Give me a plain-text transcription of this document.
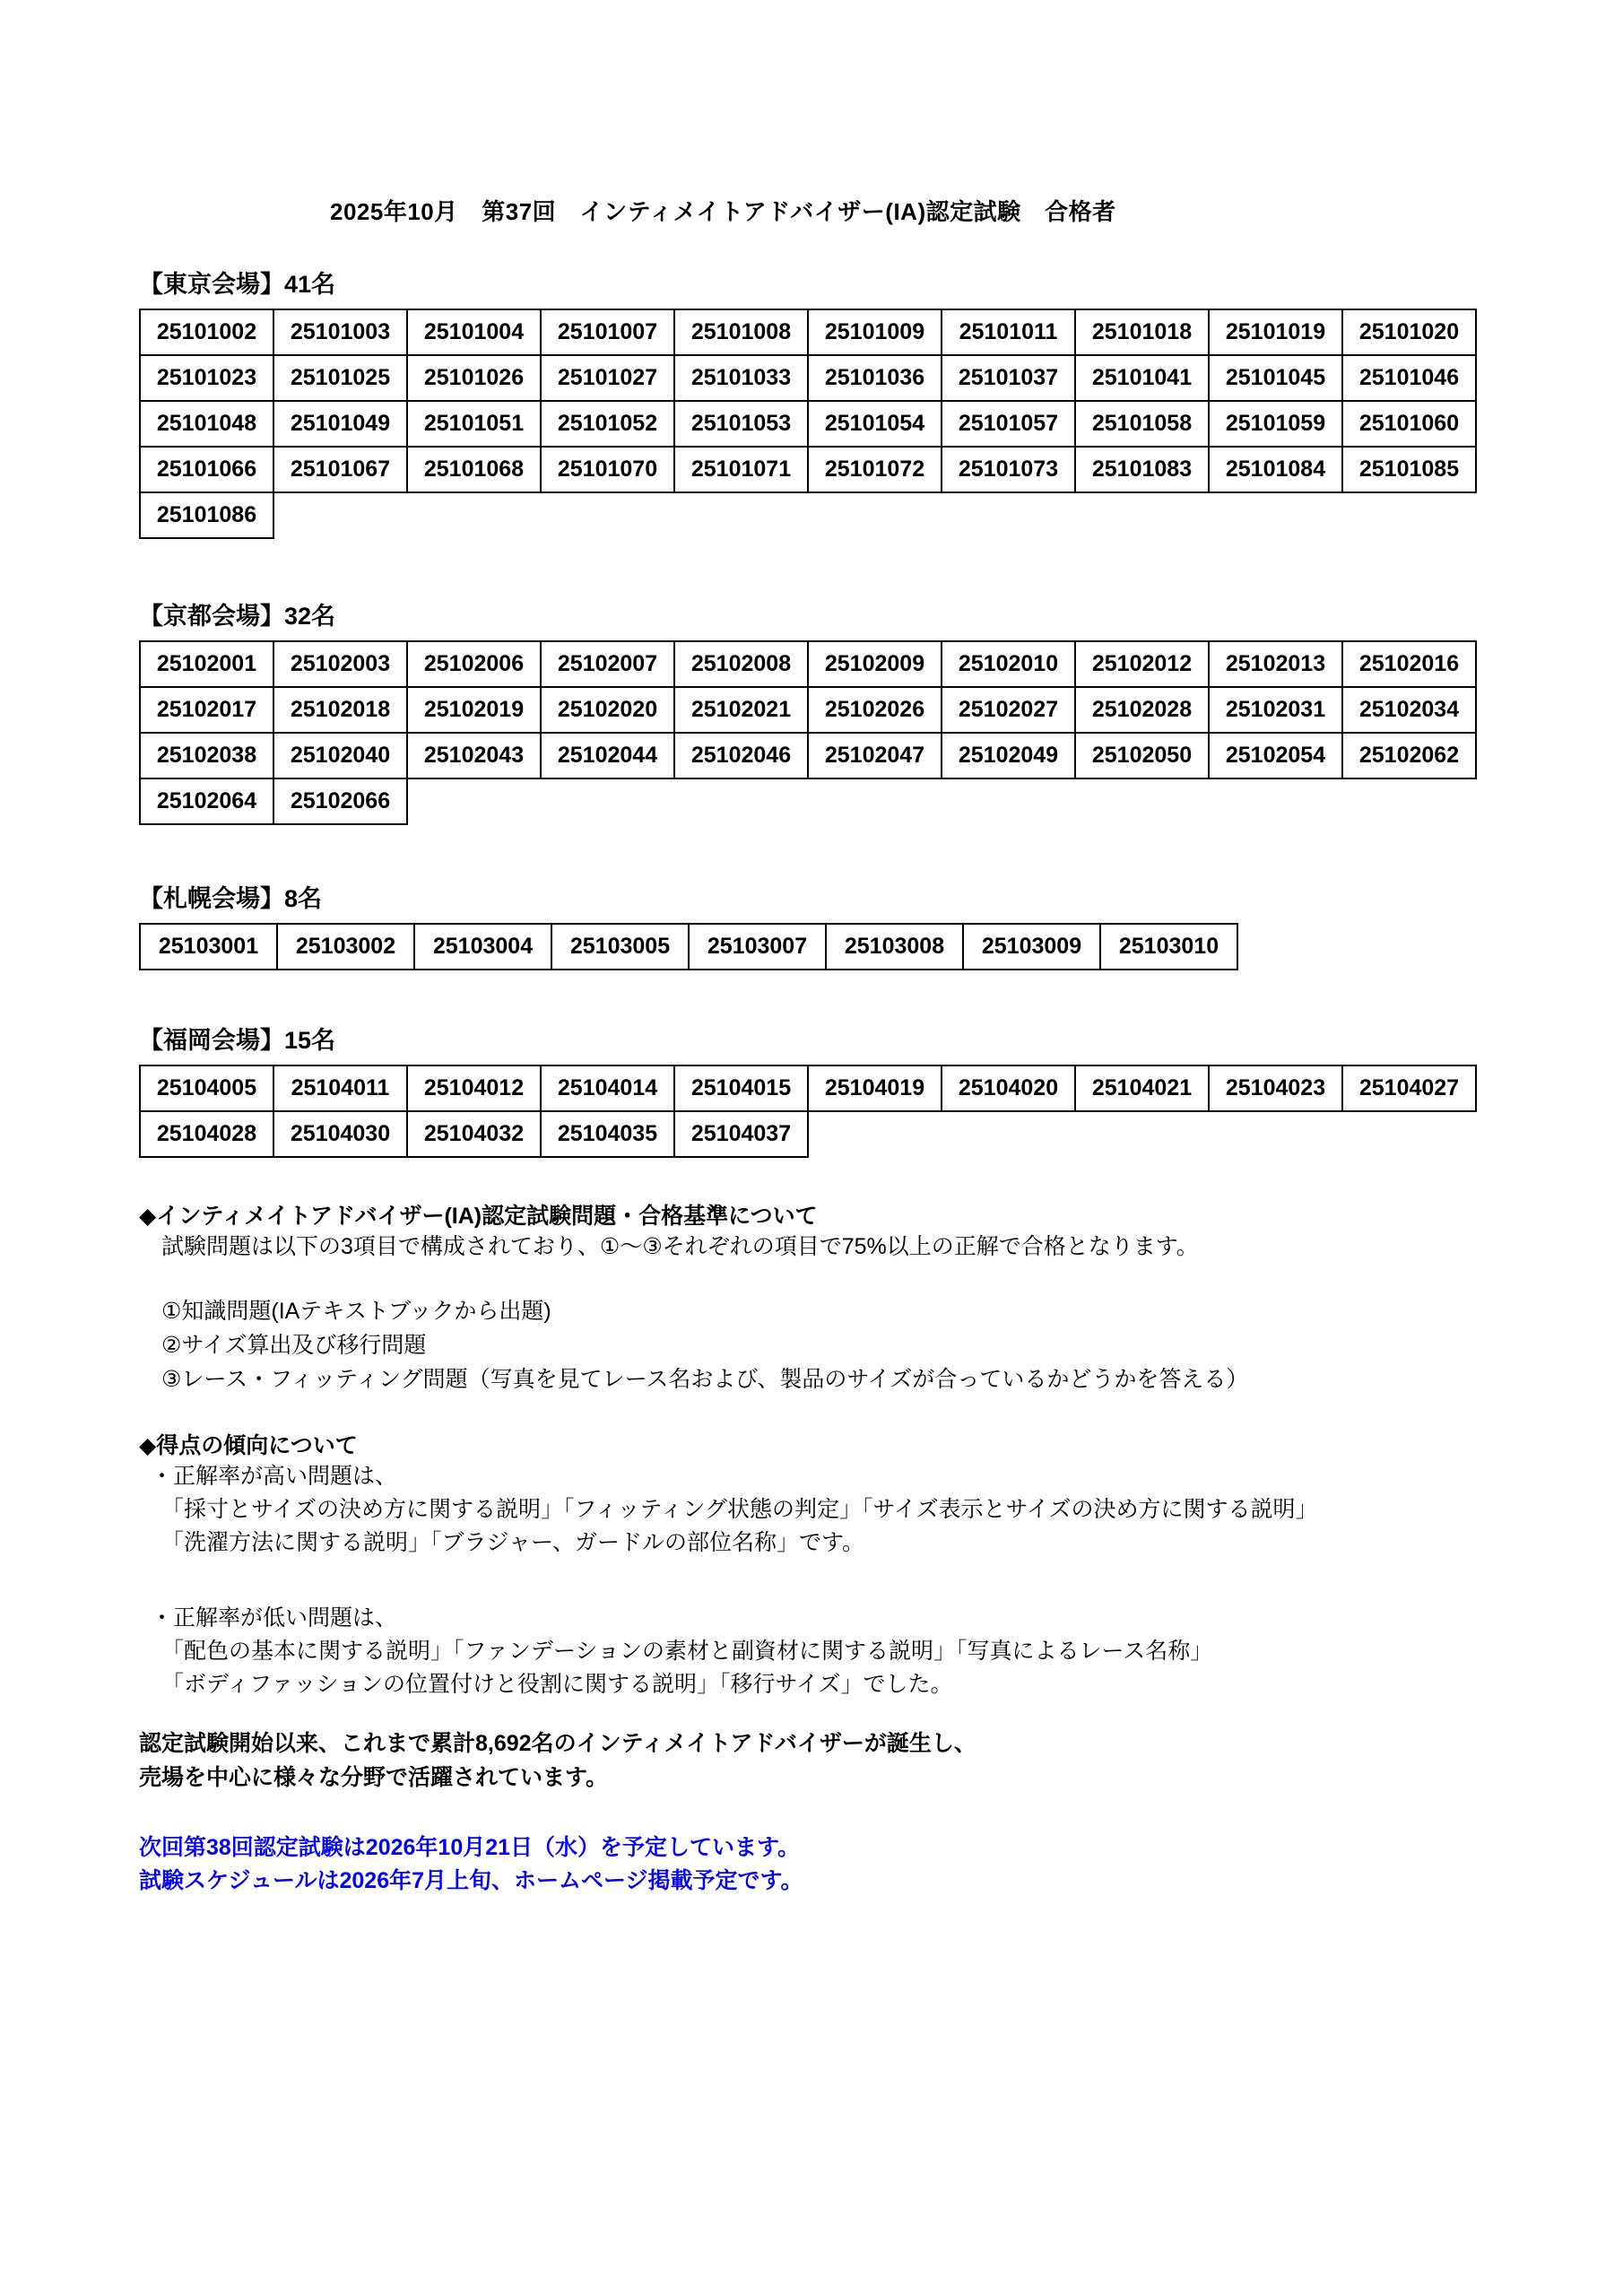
2025年10月　第37回　インティメイトアドバイザー(IA)認定試験　合格者
【東京会場】41名
25101002	25101003	25101004	25101007	25101008	25101009	25101011	25101018	25101019	25101020
25101023	25101025	25101026	25101027	25101033	25101036	25101037	25101041	25101045	25101046
25101048	25101049	25101051	25101052	25101053	25101054	25101057	25101058	25101059	25101060
25101066	25101067	25101068	25101070	25101071	25101072	25101073	25101083	25101084	25101085
25101086
【京都会場】32名
25102001	25102003	25102006	25102007	25102008	25102009	25102010	25102012	25102013	25102016
25102017	25102018	25102019	25102020	25102021	25102026	25102027	25102028	25102031	25102034
25102038	25102040	25102043	25102044	25102046	25102047	25102049	25102050	25102054	25102062
25102064	25102066
【札幌会場】8名
25103001	25103002	25103004	25103005	25103007	25103008	25103009	25103010
【福岡会場】15名
25104005	25104011	25104012	25104014	25104015	25104019	25104020	25104021	25104023	25104027
25104028	25104030	25104032	25104035	25104037
◆インティメイトアドバイザー(IA)認定試験問題・合格基準について
試験問題は以下の3項目で構成されており、①～③それぞれの項目で75%以上の正解で合格となります。
①知識問題(IAテキストブックから出題)
②サイズ算出及び移行問題
③レース・フィッティング問題（写真を見てレース名および、製品のサイズが合っているかどうかを答える）
◆得点の傾向について
・正解率が高い問題は、
「採寸とサイズの決め方に関する説明」「フィッティング状態の判定」「サイズ表示とサイズの決め方に関する説明」
「洗濯方法に関する説明」「ブラジャー、ガードルの部位名称」です。
・正解率が低い問題は、
「配色の基本に関する説明」「ファンデーションの素材と副資材に関する説明」「写真によるレース名称」
「ボディファッションの位置付けと役割に関する説明」「移行サイズ」でした。
認定試験開始以来、これまで累計8,692名のインティメイトアドバイザーが誕生し、
売場を中心に様々な分野で活躍されています。
次回第38回認定試験は2026年10月21日（水）を予定しています。
試験スケジュールは2026年7月上旬、ホームページ掲載予定です。
